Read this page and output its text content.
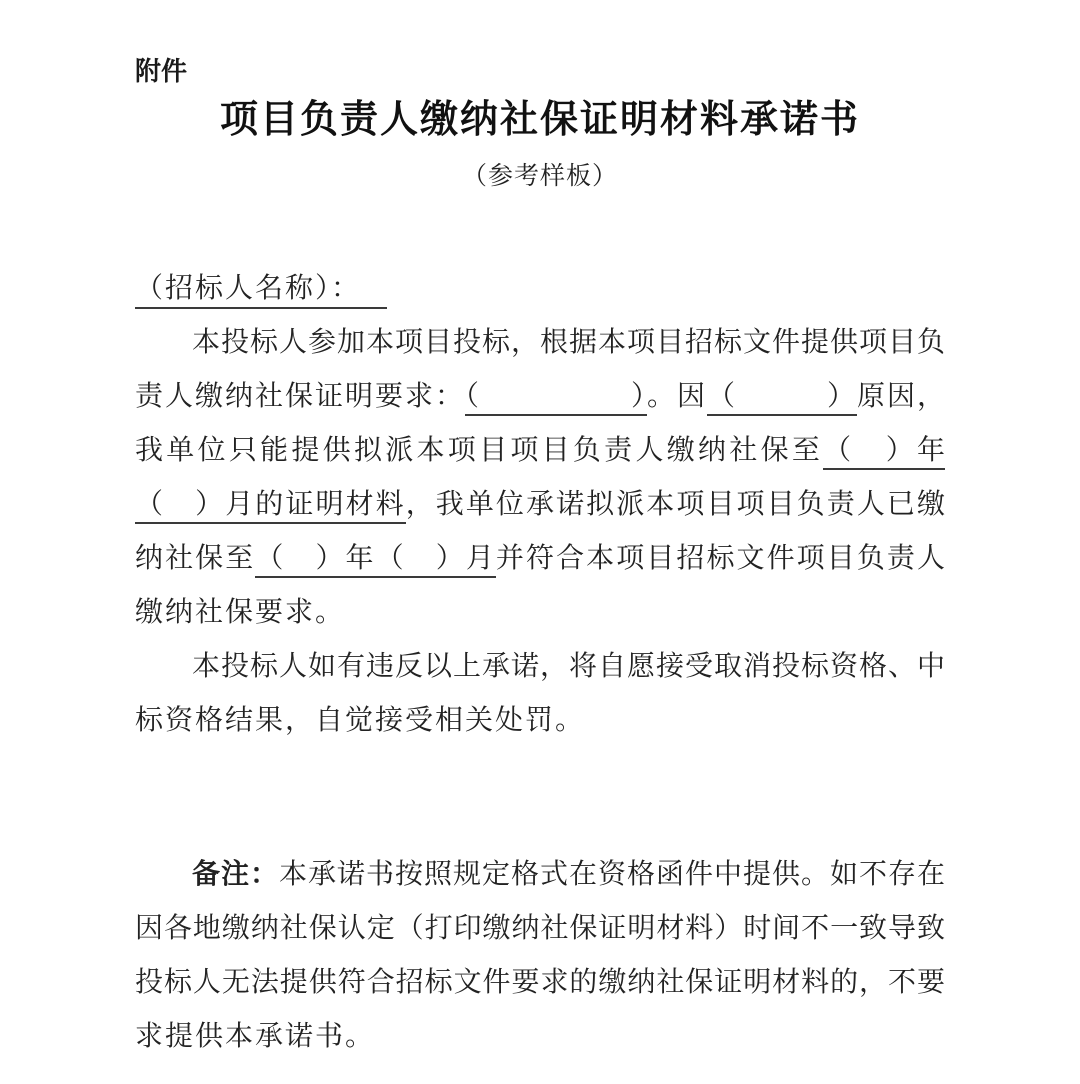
附件
项目负责人缴纳社保证明材料承诺书
（参考样板）
（招标人名称）：
本投标人参加本项目投标，根据本项目招标文件提供项目负
责人缴纳社保证明要求：（　　　　　）。因（　　　）原因，
我单位只能提供拟派本项目项目负责人缴纳社保至（　）年
（　）月的证明材料，我单位承诺拟派本项目项目负责人已缴
纳社保至（　）年（　）月并符合本项目招标文件项目负责人
缴纳社保要求。
本投标人如有违反以上承诺，将自愿接受取消投标资格、中
标资格结果，自觉接受相关处罚。
备注：本承诺书按照规定格式在资格函件中提供。如不存在
因各地缴纳社保认定（打印缴纳社保证明材料）时间不一致导致
投标人无法提供符合招标文件要求的缴纳社保证明材料的，不要
求提供本承诺书。
